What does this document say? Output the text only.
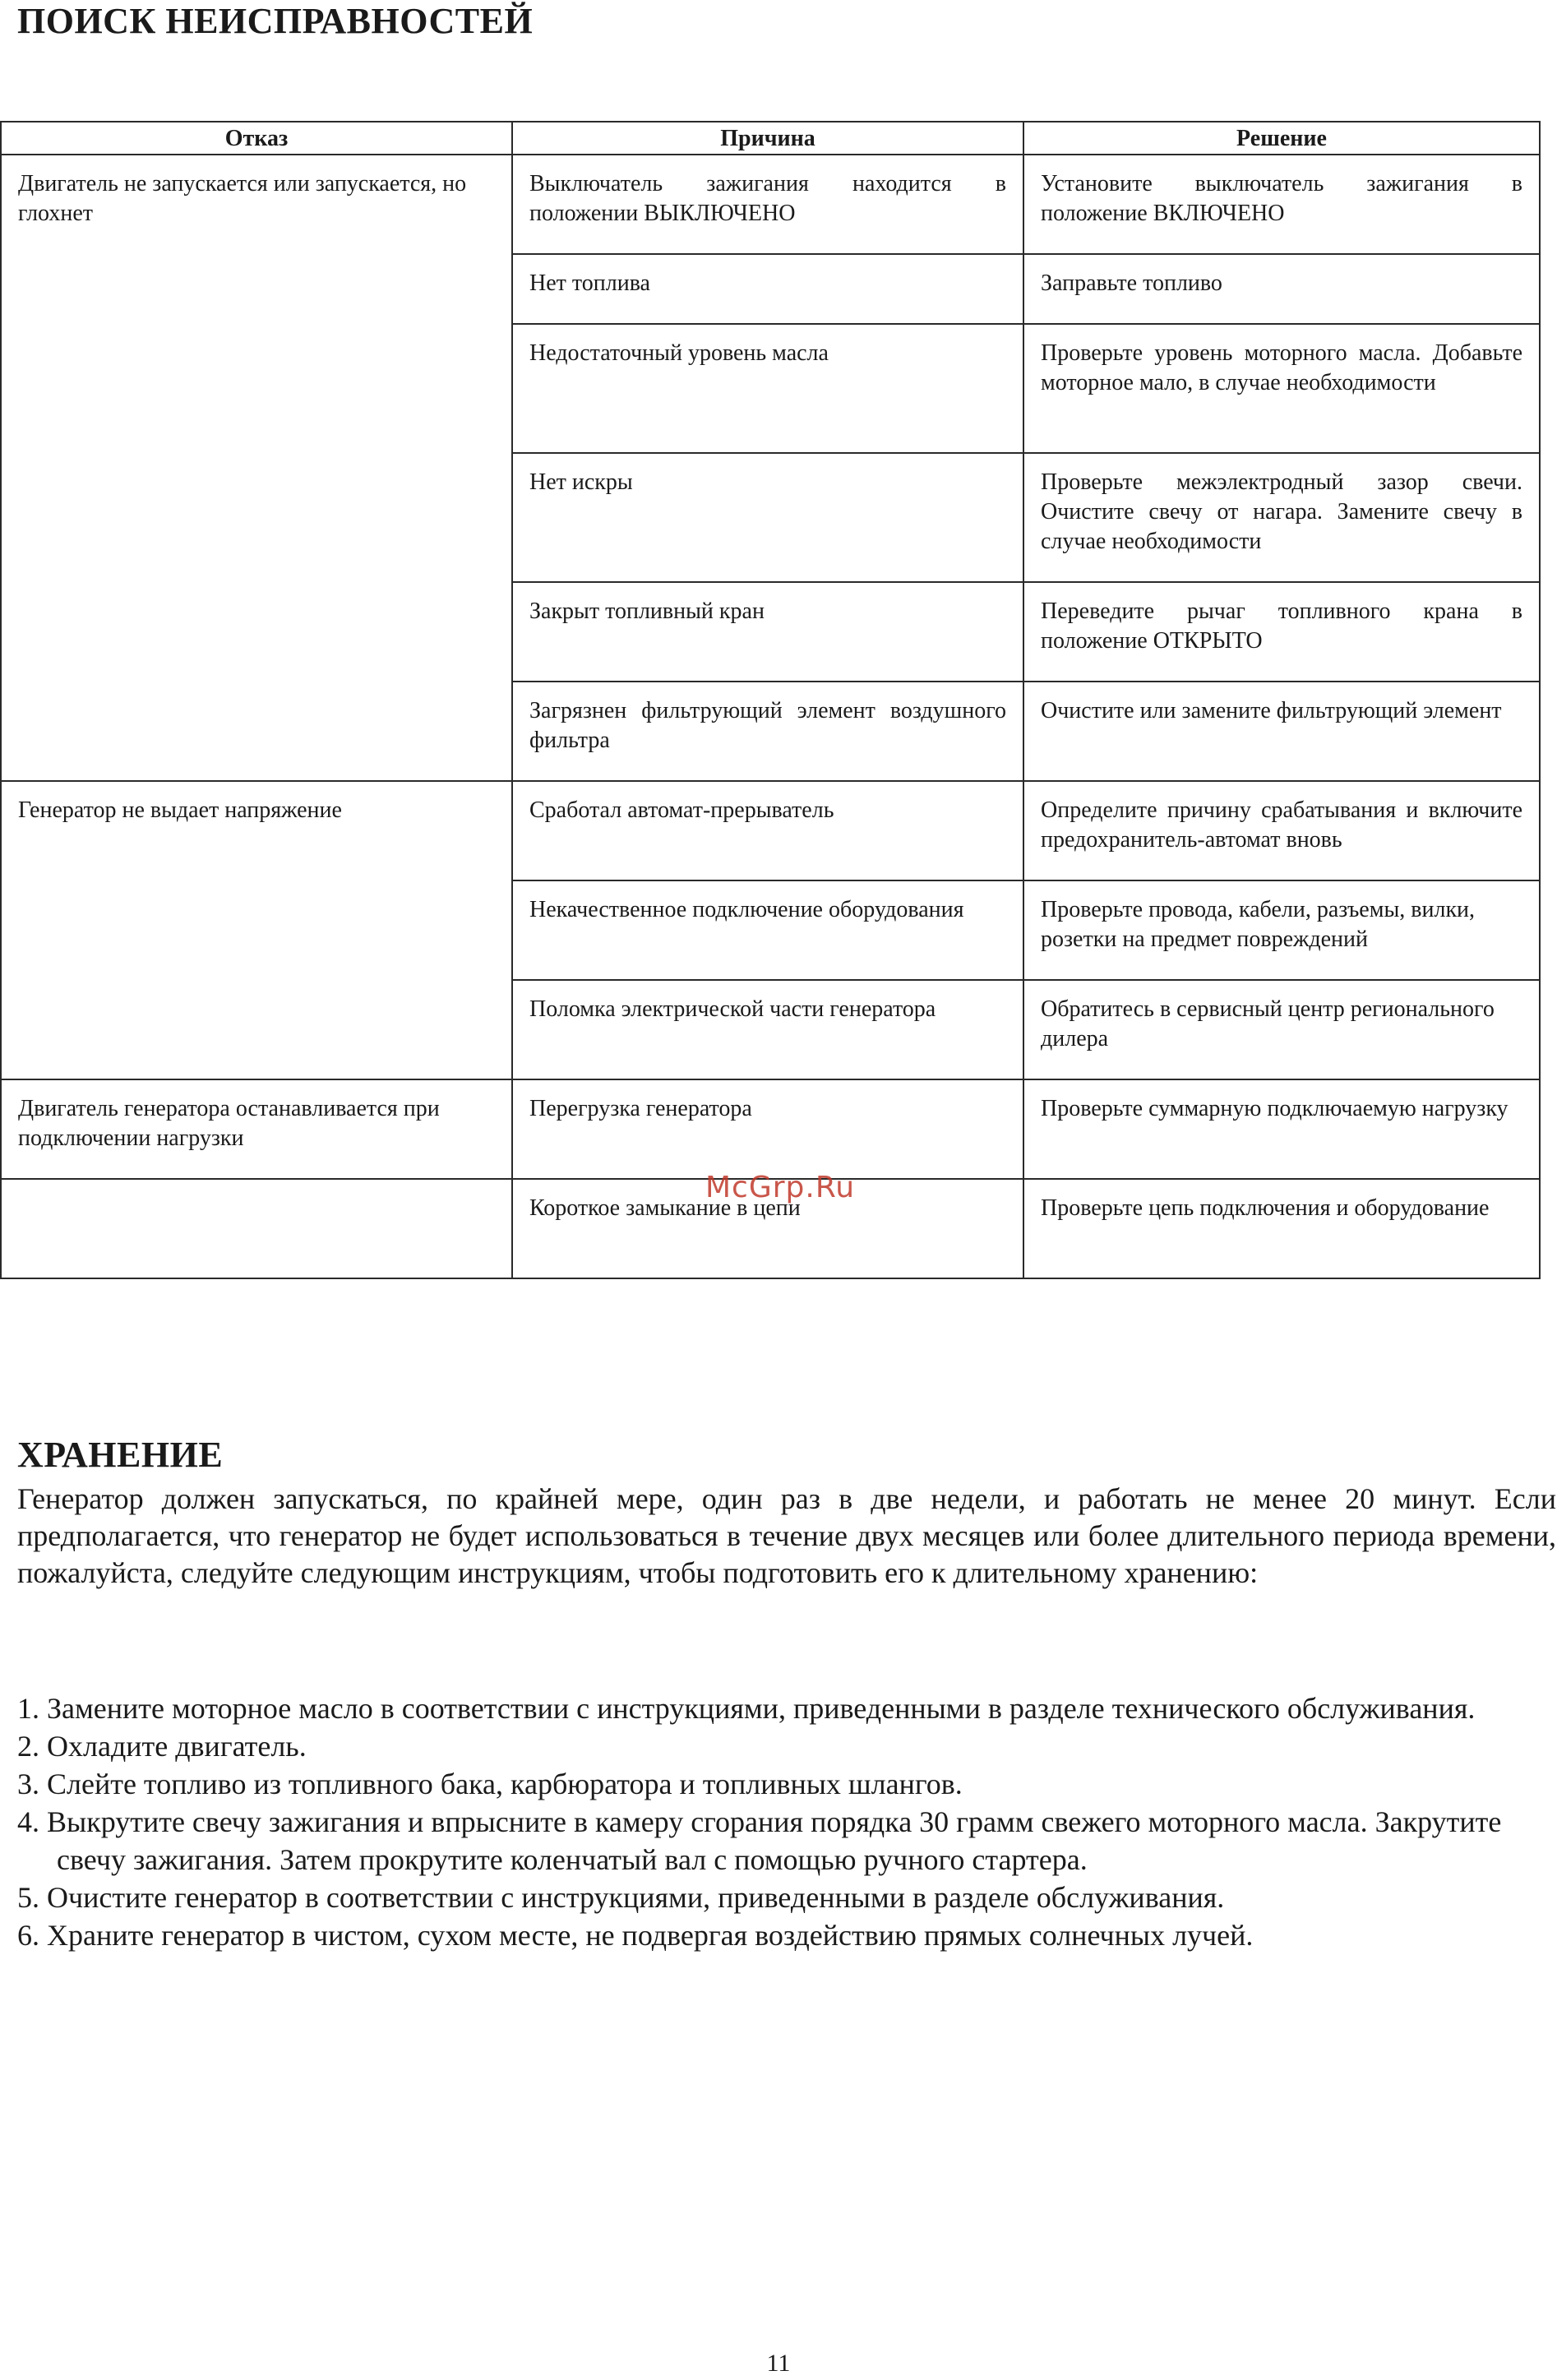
ПОИСК НЕИСПРАВНОСТЕЙ
Отказ	Причина	Решение
Двигатель не запускается или запускается, но глохнет	Выключатель зажигания находится в положении ВЫКЛЮЧЕНО	Установите выключатель зажигания в положение ВКЛЮЧЕНО
	Нет топлива	Заправьте топливо
	Недостаточный уровень масла	Проверьте уровень моторного масла. Добавьте моторное мало, в случае необходимости
	Нет искры	Проверьте межэлектродный зазор свечи. Очистите свечу от нагара. Замените свечу в случае необходимости
	Закрыт топливный кран	Переведите рычаг топливного крана в положение ОТКРЫТО
	Загрязнен фильтрующий элемент воздушного фильтра	Очистите или замените фильтрующий элемент
Генератор не выдает напряжение	Сработал автомат-прерыватель	Определите причину срабатывания и включите предохранитель-автомат вновь
	Некачественное подключение оборудования	Проверьте провода, кабели, разъемы, вилки, розетки на предмет повреждений
	Поломка электрической части генератора	Обратитесь в сервисный центр регионального дилера
Двигатель генератора останавливается при подключении нагрузки	Перегрузка генератора	Проверьте суммарную подключаемую нагрузку
	Короткое замыкание в цепи	Проверьте цепь подключения и оборудование
McGrp.Ru
ХРАНЕНИЕ

Генератор должен запускаться, по крайней мере, один раз в две недели, и работать не менее 20 минут. Если предполагается, что генератор не будет использоваться в течение двух месяцев или более длительного периода времени, пожалуйста, следуйте следующим инструкциям, чтобы подготовить его к длительному хранению:

1. Замените моторное масло в соответствии с инструкциями, приведенными в разделе технического обслуживания.
2. Охладите двигатель.
3. Слейте топливо из топливного бака, карбюратора и топливных шлангов.
4. Выкрутите свечу зажигания и впрысните в камеру сгорания порядка 30 грамм свежего моторного масла. Закрутите свечу зажигания. Затем прокрутите коленчатый вал с помощью ручного стартера.
5. Очистите генератор в соответствии с инструкциями, приведенными в разделе обслуживания.
6. Храните генератор в чистом, сухом месте, не подвергая воздействию прямых солнечных лучей.
11
